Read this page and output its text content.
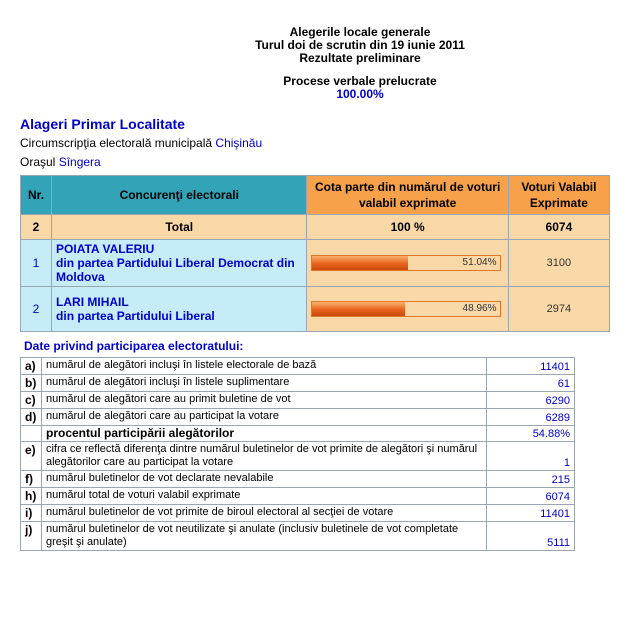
Alegerile locale generale
Turul doi de scrutin din 19 iunie 2011
Rezultate preliminare
Procese verbale prelucrate
100.00%
Alageri Primar Localitate
Circumscripţia electorală municipală Chişinău
Oraşul Sîngera
Nr.	Concurenţi electorali	Cota parte din numărul de voturi valabil exprimate	Voturi Valabil Exprimate
2	Total	100 %	6074
1	POIATA VALERIU
din partea Partidului Liberal Democrat din Moldova	51.04%	3100
2	LARI MIHAIL
din partea Partidului Liberal	48.96%	2974
Date privind participarea electoratului:
a)	numărul de alegători incluşi în listele electorale de bază	11401
b)	numărul de alegători incluşi în listele suplimentare	61
c)	numărul de alegători care au primit buletine de vot	6290
d)	numărul de alegători care au participat la votare	6289
	procentul participării alegătorilor	54.88%
e)	cifra ce reflectă diferenţa dintre numărul buletinelor de vot primite de alegători şi numărul alegătorilor care au participat la votare	1
f)	numărul buletinelor de vot declarate nevalabile	215
h)	numărul total de voturi valabil exprimate	6074
i)	numărul buletinelor de vot primite de biroul electoral al secţiei de votare	11401
j)	numărul buletinelor de vot neutilizate şi anulate (inclusiv buletinele de vot completate greşit şi anulate)	5111
